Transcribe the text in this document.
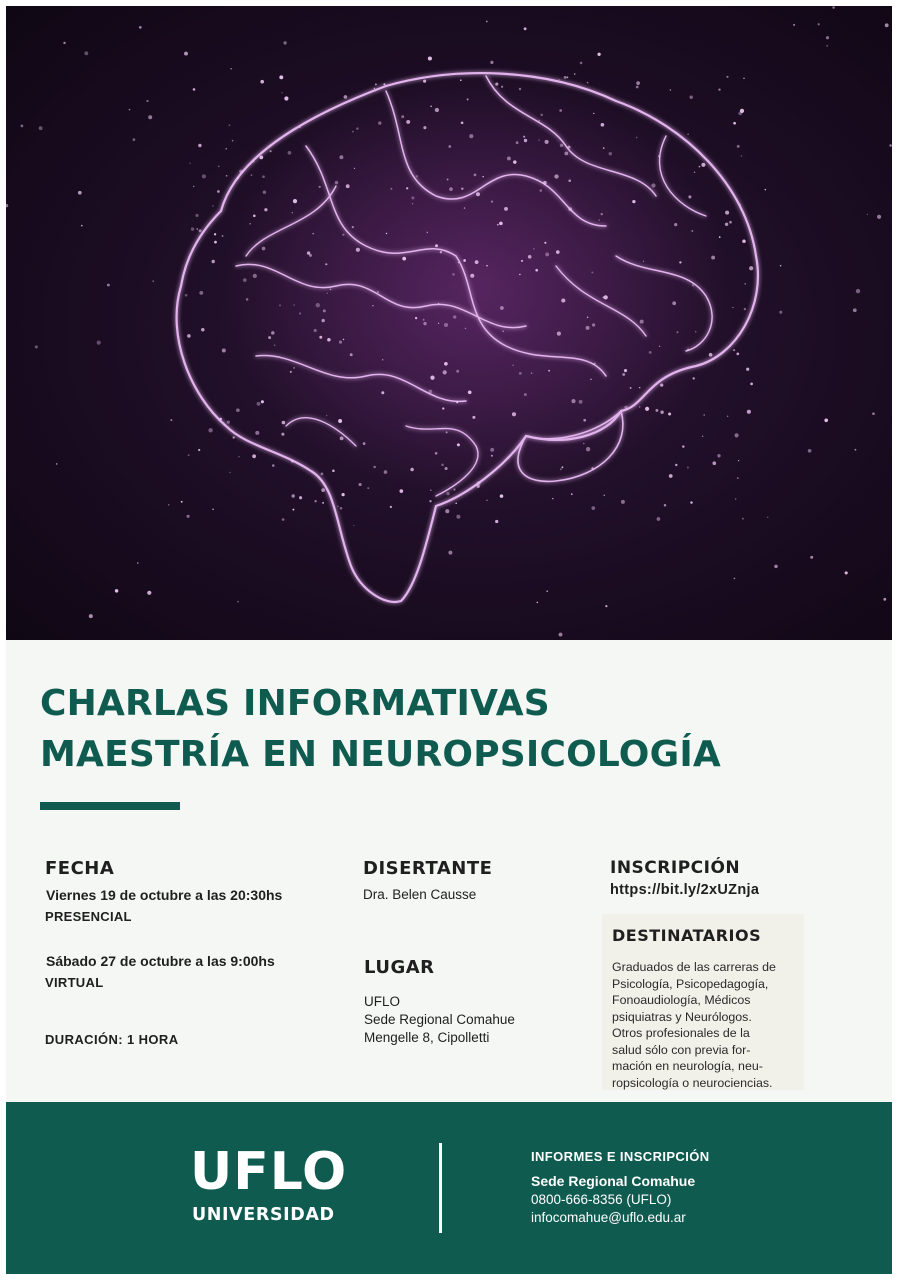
CHARLAS INFORMATIVAS
MAESTRÍA EN NEUROPSICOLOGÍA
FECHA
Viernes 19 de octubre a las 20:30hs
PRESENCIAL
Sábado 27 de octubre a las 9:00hs
VIRTUAL
DURACIÓN: 1 HORA
DISERTANTE
Dra. Belen Causse
LUGAR
UFLO
Sede Regional Comahue
Mengelle 8, Cipolletti
INSCRIPCIÓN
https://bit.ly/2xUZnja
DESTINATARIOS
Graduados de las carreras de
Psicología, Psicopedagogía,
Fonoaudiología, Médicos
psiquiatras y Neurólogos.
Otros profesionales de la
salud sólo con previa for-
mación en neurología, neu-
ropsicología o neurociencias.
UFLO
UNIVERSIDAD
INFORMES E INSCRIPCIÓN
Sede Regional Comahue
0800-666-8356 (UFLO)
infocomahue@uflo.edu.ar
